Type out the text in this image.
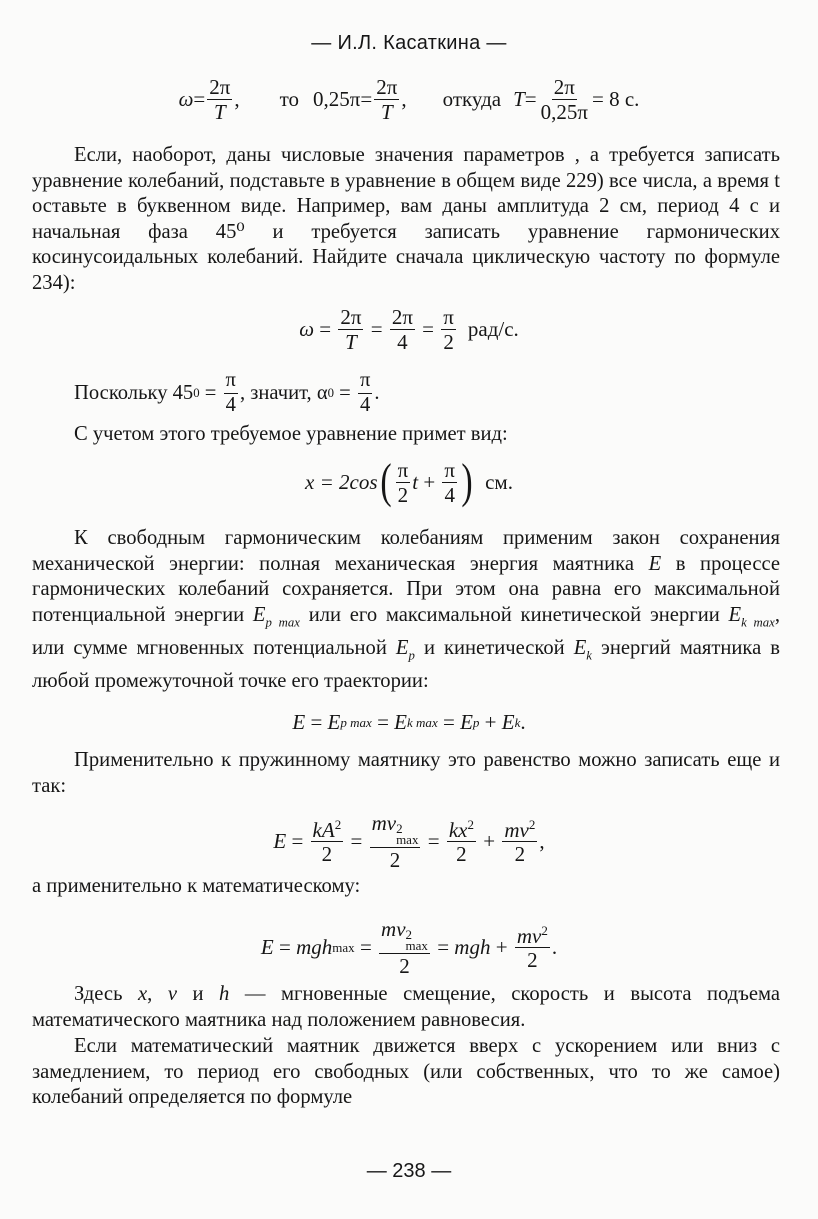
— И.Л. Касаткина —
$\omega = \frac{2\pi}{T}$ , то $0,25\pi = \frac{2\pi}{T}$ , откуда $T = \frac{2\pi}{0,25\pi} = 8$ с.

Если, наоборот, даны числовые значения параметров , а требуется записать уравнение колебаний, подставьте в уравнение в общем виде 229) все числа, а время t оставьте в буквенном виде. Например, вам даны амплитуда 2 см, период 4 с и начальная фаза 45⁰ и требуется записать уравнение гармонических косинусоидальных колебаний. Найдите сначала циклическую частоту по формуле 234):

$\omega = \frac{2\pi}{T} = \frac{2\pi}{4} = \frac{\pi}{2} рад/с$.
Поскольку 45 $0 = \frac{\pi}{4}$ , значит, α $0 = \frac{\pi}{4}$ .

С учетом этого требуемое уравнение примет вид:

x = 2cos ( $\frac{\pi}{2}$ t
+
$\frac{\pi}{4}$ ) см.

К свободным гармоническим колебаниям применим закон сохранения механической энергии: полная механическая энергия маятника E в процессе гармонических колебаний сохраняется. При этом она равна его максимальной потенциальной энергии $E_{p max}$ или его максимальной кинетической энергии $E_{k max}$, или сумме мгновенных потенциальной $E_p$ и кинетической $E_k$ энергий маятника в любой промежуточной точке его траектории:

E = E p max = E k max = E p + E k .

Применительно к пружинному маятнику это равенство можно записать еще и так:

$E = \frac{kA^2}{2}$ = mv 2
max
$2 = \frac{kx^2}{2} + \frac{mv^2}{2}$ ,

а применительно к математическому:

E = mgh max = mv 2
max
2 = mgh + $\frac{mv^2}{2}$ .

Здесь x, v и h — мгновенные смещение, скорость и высота подъема математического маятника над положением равновесия.

Если математический маятник движется вверх с ускорением или вниз с замедлением, то период его свободных (или собственных, что то же самое) колебаний определяется по формуле

— 238 —
